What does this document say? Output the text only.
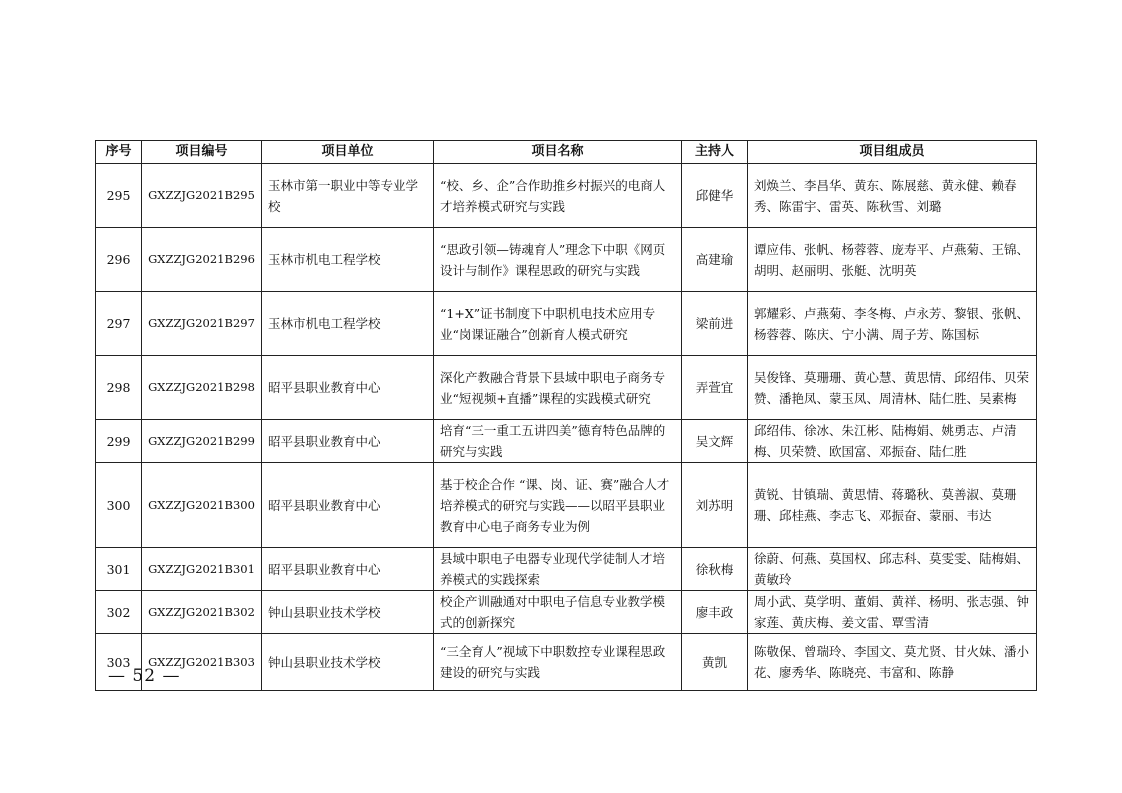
序号	项目编号	项目单位	项目名称	主持人	项目组成员
295	GXZZJG2021B295	玉林市第一职业中等专业学校	“校、乡、企”合作助推乡村振兴的电商人才培养模式研究与实践	邱健华	刘焕兰、李昌华、黄东、陈展慈、黄永健、赖春秀、陈雷宇、雷英、陈秋雪、刘璐
296	GXZZJG2021B296	玉林市机电工程学校	“思政引领—铸魂育人”理念下中职《网页设计与制作》课程思政的研究与实践	高建瑜	谭应伟、张帆、杨蓉蓉、庞寿平、卢燕菊、王锦、胡明、赵丽明、张艇、沈明英
297	GXZZJG2021B297	玉林市机电工程学校	“1+X”证书制度下中职机电技术应用专业“岗课证融合”创新育人模式研究	梁前进	郭耀彩、卢燕菊、李冬梅、卢永芳、黎银、张帆、杨蓉蓉、陈庆、宁小满、周子芳、陈国标
298	GXZZJG2021B298	昭平县职业教育中心	深化产教融合背景下县域中职电子商务专业“短视频+直播”课程的实践模式研究	弄萱宜	吴俊锋、莫珊珊、黄心慧、黄思情、邱绍伟、贝荣赞、潘艳凤、蒙玉凤、周清林、陆仁胜、吴素梅
299	GXZZJG2021B299	昭平县职业教育中心	培育“三一重工五讲四美”德育特色品牌的研究与实践	吴文辉	邱绍伟、徐冰、朱江彬、陆梅娟、姚勇志、卢清梅、贝荣赞、欧国富、邓振奋、陆仁胜
300	GXZZJG2021B300	昭平县职业教育中心	基于校企合作 “课、岗、证、赛”融合人才培养模式的研究与实践——以昭平县职业教育中心电子商务专业为例	刘苏明	黄锐、甘镇瑞、黄思情、蒋璐秋、莫善淑、莫珊珊、邱桂燕、李志飞、邓振奋、蒙丽、韦达
301	GXZZJG2021B301	昭平县职业教育中心	县域中职电子电器专业现代学徒制人才培养模式的实践探索	徐秋梅	徐蔚、何燕、莫国权、邱志科、莫雯雯、陆梅娟、黄敏玲
302	GXZZJG2021B302	钟山县职业技术学校	校企产训融通对中职电子信息专业教学模式的创新探究	廖丰政	周小武、莫学明、董娟、黄祥、杨明、张志强、钟家莲、黄庆梅、姜文雷、覃雪清
303	GXZZJG2021B303	钟山县职业技术学校	“三全育人”视域下中职数控专业课程思政建设的研究与实践	黄凯	陈敬保、曾瑞玲、李国文、莫尤贤、甘火妹、潘小花、廖秀华、陈晓亮、韦富和、陈静
— 52 —
